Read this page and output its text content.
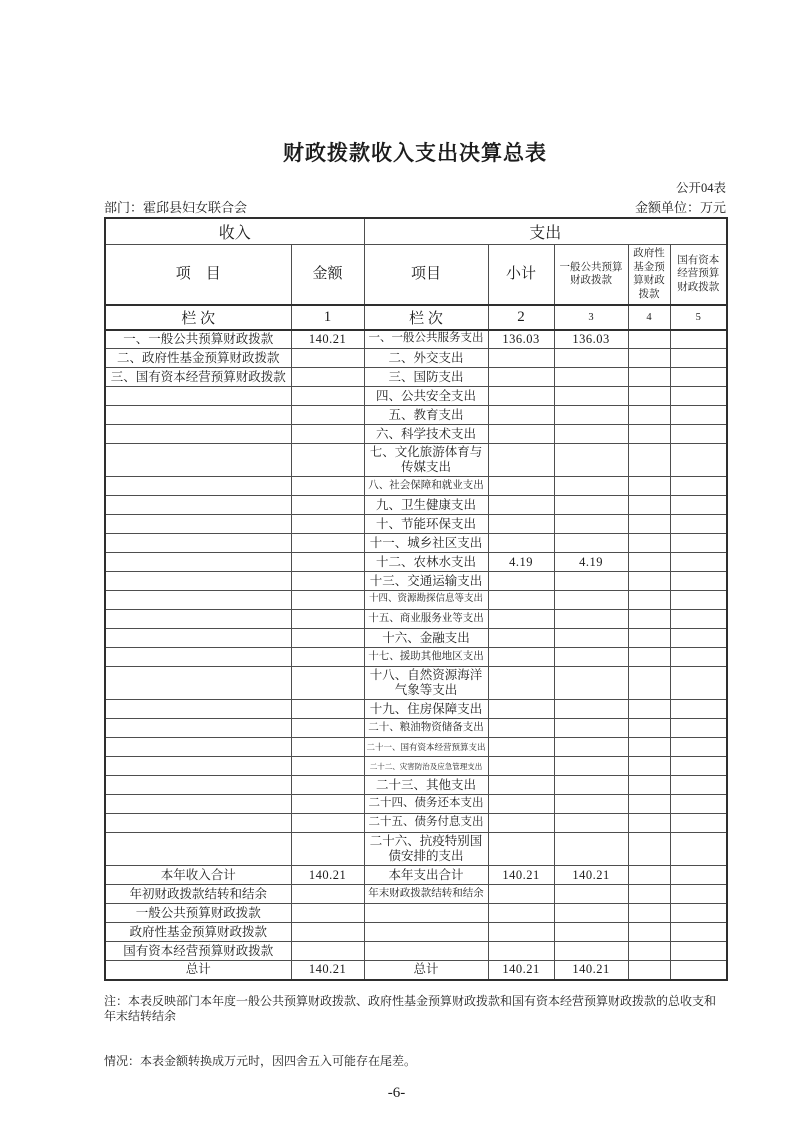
财政拨款收入支出决算总表
公开04表
部门：霍邱县妇女联合会	金额单位：万元
收入		支出				
项　目	金额	项目	小计	一般公共预算财政拨款	政府性基金预算财政拨款	国有资本经营预算财政拨款
栏 次	1	栏 次	2	3	4	5
一、一般公共预算财政拨款	140.21	一、一般公共服务支出	136.03	136.03		
二、政府性基金预算财政拨款		二、外交支出				
三、国有资本经营预算财政拨款		三、国防支出				
		四、公共安全支出				
		五、教育支出				
		六、科学技术支出				
		七、文化旅游体育与传媒支出				
		八、社会保障和就业支出				
		九、卫生健康支出				
		十、节能环保支出				
		十一、城乡社区支出				
		十二、农林水支出	4.19	4.19		
		十三、交通运输支出				
		十四、资源勘探信息等支出				
		十五、商业服务业等支出				
		十六、金融支出				
		十七、援助其他地区支出				
		十八、自然资源海洋气象等支出				
		十九、住房保障支出				
		二十、粮油物资储备支出				
		二十一、国有资本经营预算支出				
		二十二、灾害防治及应急管理支出				
		二十三、其他支出				
		二十四、债务还本支出				
		二十五、债务付息支出				
		二十六、抗疫特别国债安排的支出				
本年收入合计	140.21	本年支出合计	140.21	140.21		
年初财政拨款结转和结余		年末财政拨款结转和结余				
一般公共预算财政拨款						
政府性基金预算财政拨款						
国有资本经营预算财政拨款						
总计	140.21	总计	140.21	140.21		
注：本表反映部门本年度一般公共预算财政拨款、政府性基金预算财政拨款和国有资本经营预算财政拨款的总收支和年末结转结余
情况：本表金额转换成万元时，因四舍五入可能存在尾差。
-6-
